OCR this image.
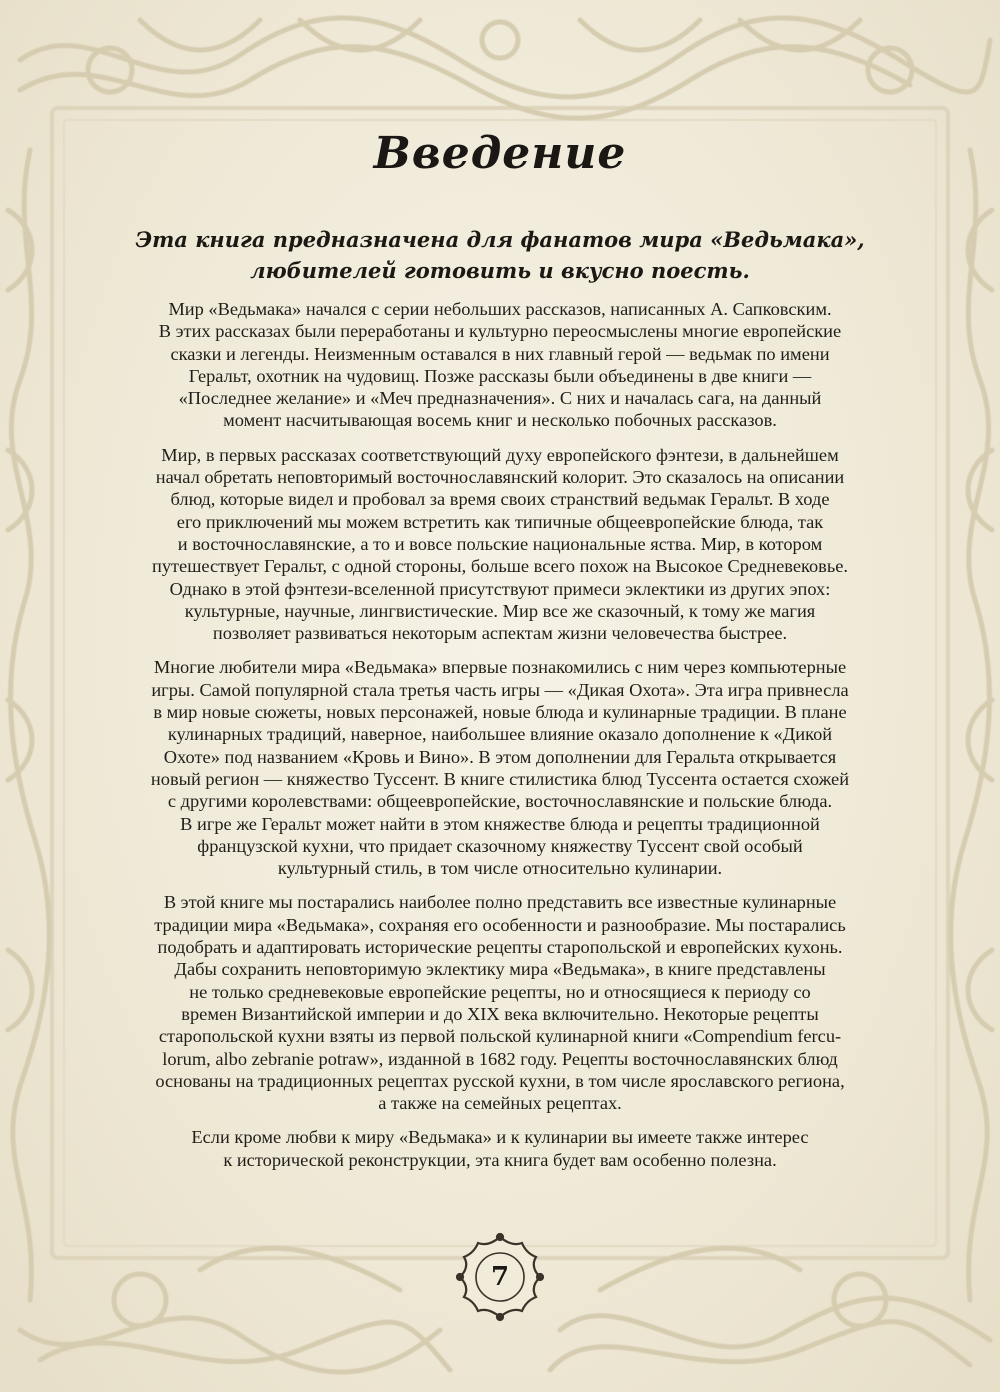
Введение
Эта книга предназначена для фанатов мира «Ведьмака»,
любителей готовить и вкусно поесть.

Мир «Ведьмака» начался с серии небольших рассказов, написанных А. Сапковским.
В этих рассказах были переработаны и культурно переосмыслены многие европейские
сказки и легенды. Неизменным оставался в них главный герой — ведьмак по имени
Геральт, охотник на чудовищ. Позже рассказы были объединены в две книги —
«Последнее желание» и «Меч предназначения». С них и началась сага, на данный
момент насчитывающая восемь книг и несколько побочных рассказов.

Мир, в первых рассказах соответствующий духу европейского фэнтези, в дальнейшем
начал обретать неповторимый восточнославянский колорит. Это сказалось на описании
блюд, которые видел и пробовал за время своих странствий ведьмак Геральт. В ходе
его приключений мы можем встретить как типичные общеевропейские блюда, так
и восточнославянские, а то и вовсе польские национальные яства. Мир, в котором
путешествует Геральт, с одной стороны, больше всего похож на Высокое Средневековье.
Однако в этой фэнтези-вселенной присутствуют примеси эклектики из других эпох:
культурные, научные, лингвистические. Мир все же сказочный, к тому же магия
позволяет развиваться некоторым аспектам жизни человечества быстрее.

Многие любители мира «Ведьмака» впервые познакомились с ним через компьютерные
игры. Самой популярной стала третья часть игры — «Дикая Охота». Эта игра привнесла
в мир новые сюжеты, новых персонажей, новые блюда и кулинарные традиции. В плане
кулинарных традиций, наверное, наибольшее влияние оказало дополнение к «Дикой
Охоте» под названием «Кровь и Вино». В этом дополнении для Геральта открывается
новый регион — княжество Туссент. В книге стилистика блюд Туссента остается схожей
с другими королевствами: общеевропейские, восточнославянские и польские блюда.
В игре же Геральт может найти в этом княжестве блюда и рецепты традиционной
французской кухни, что придает сказочному княжеству Туссент свой особый
культурный стиль, в том числе относительно кулинарии.

В этой книге мы постарались наиболее полно представить все известные кулинарные
традиции мира «Ведьмака», сохраняя его особенности и разнообразие. Мы постарались
подобрать и адаптировать исторические рецепты старопольской и европейских кухонь.
Дабы сохранить неповторимую эклектику мира «Ведьмака», в книге представлены
не только средневековые европейские рецепты, но и относящиеся к периоду со
времен Византийской империи и до XIX века включительно. Некоторые рецепты
старопольской кухни взяты из первой польской кулинарной книги «Compendium fercu-
lorum, albo zebranie potraw», изданной в 1682 году. Рецепты восточнославянских блюд
основаны на традиционных рецептах русской кухни, в том числе ярославского региона,
а также на семейных рецептах.

Если кроме любви к миру «Ведьмака» и к кулинарии вы имеете также интерес
к исторической реконструкции, эта книга будет вам особенно полезна.

7
